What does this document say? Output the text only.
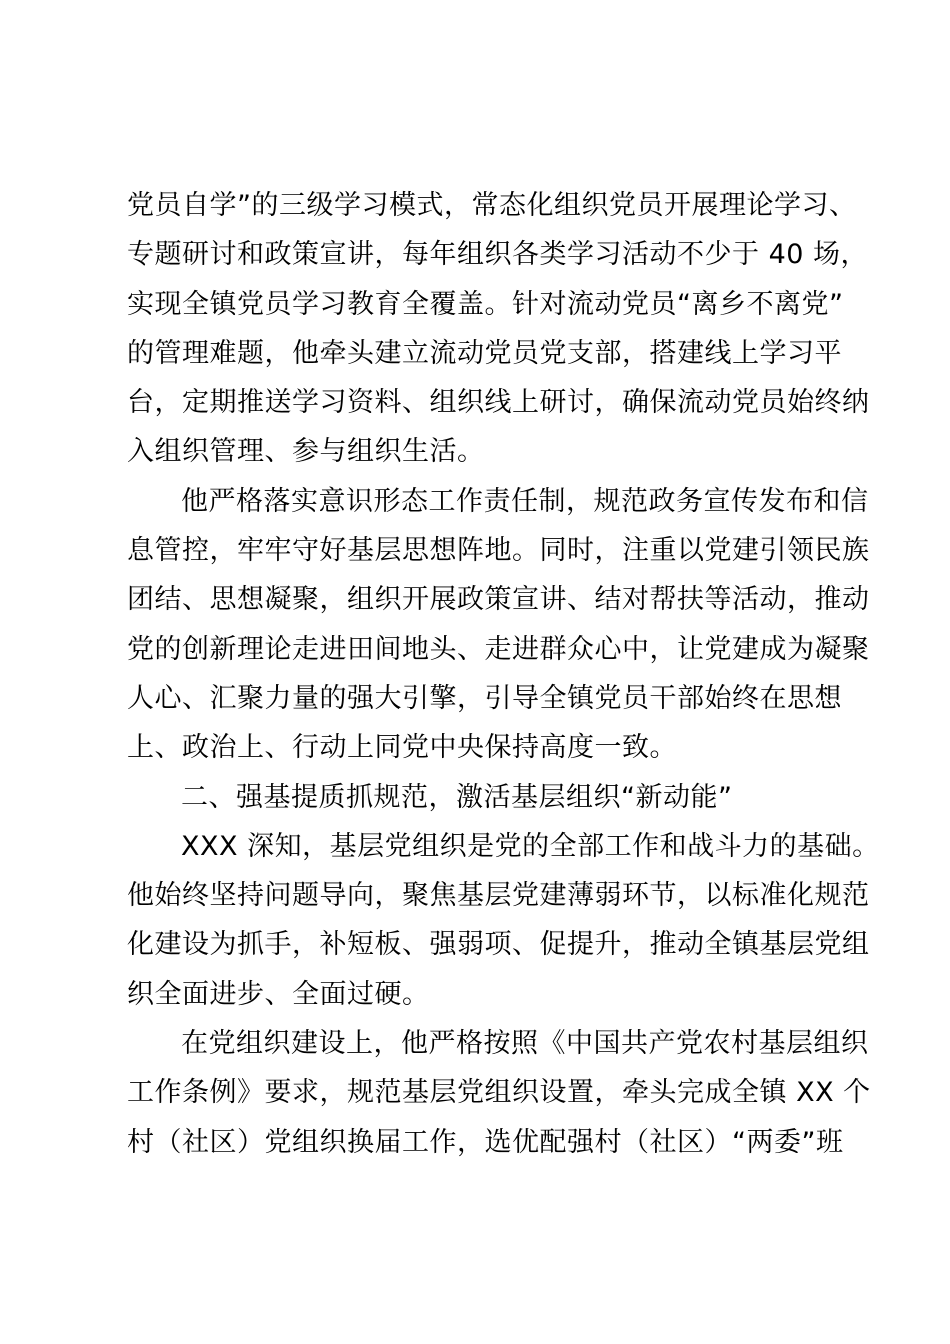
党员自学”的三级学习模式，常态化组织党员开展理论学习、
专题研讨和政策宣讲，每年组织各类学习活动不少于 40 场，
实现全镇党员学习教育全覆盖。针对流动党员“离乡不离党”
的管理难题，他牵头建立流动党员党支部，搭建线上学习平
台，定期推送学习资料、组织线上研讨，确保流动党员始终纳
入组织管理、参与组织生活。
他严格落实意识形态工作责任制，规范政务宣传发布和信
息管控，牢牢守好基层思想阵地。同时，注重以党建引领民族
团结、思想凝聚，组织开展政策宣讲、结对帮扶等活动，推动
党的创新理论走进田间地头、走进群众心中，让党建成为凝聚
人心、汇聚力量的强大引擎，引导全镇党员干部始终在思想
上、政治上、行动上同党中央保持高度一致。
二、强基提质抓规范，激活基层组织“新动能”
XXX 深知，基层党组织是党的全部工作和战斗力的基础。
他始终坚持问题导向，聚焦基层党建薄弱环节，以标准化规范
化建设为抓手，补短板、强弱项、促提升，推动全镇基层党组
织全面进步、全面过硬。
在党组织建设上，他严格按照《中国共产党农村基层组织
工作条例》要求，规范基层党组织设置，牵头完成全镇 XX 个
村（社区）党组织换届工作，选优配强村（社区）“两委”班
